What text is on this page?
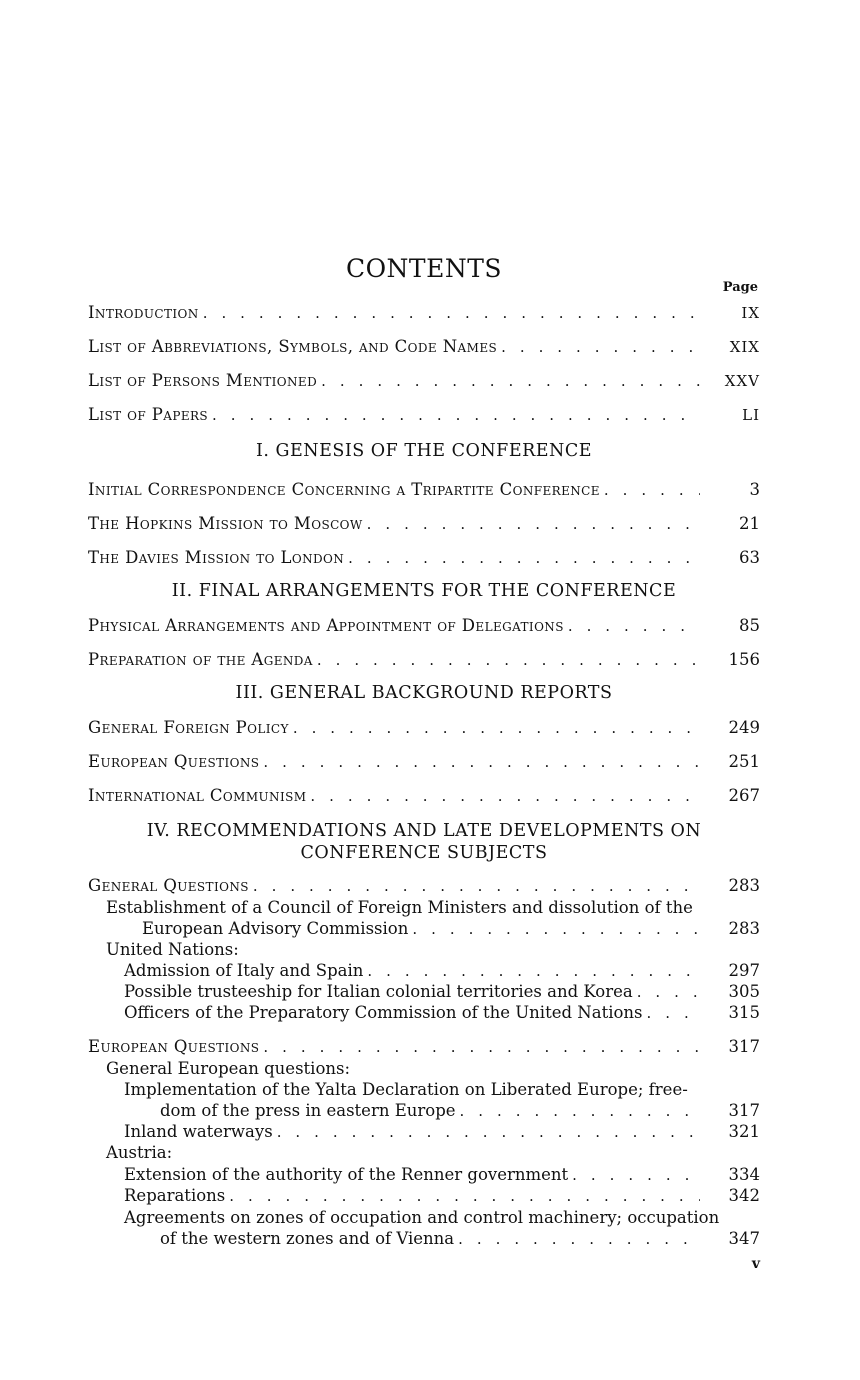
CONTENTS
Page
Introduction . . .	IX
List of Abbreviations, Symbols, and Code Names . . .	XIX
List of Persons Mentioned . . .	XXV
List of Papers . . .	LI
I. GENESIS OF THE CONFERENCE
Initial Correspondence Concerning a Tripartite Conference . . .	3
The Hopkins Mission to Moscow . . .	21
The Davies Mission to London . . .	63
II. FINAL ARRANGEMENTS FOR THE CONFERENCE
Physical Arrangements and Appointment of Delegations . . .	85
Preparation of the Agenda . . .	156
III. GENERAL BACKGROUND REPORTS
General Foreign Policy . . .	249
European Questions . . .	251
International Communism . . .	267
IV. RECOMMENDATIONS AND LATE DEVELOPMENTS ON
CONFERENCE SUBJECTS
General Questions . . .	283
Establishment of a Council of Foreign Ministers and dissolution of the
European Advisory Commission . . .	283
United Nations:
Admission of Italy and Spain . . .	297
Possible trusteeship for Italian colonial territories and Korea . . .	305
Officers of the Preparatory Commission of the United Nations . . .	315
European Questions . . .	317
General European questions:
Implementation of the Yalta Declaration on Liberated Europe; free-
dom of the press in eastern Europe . . .	317
Inland waterways . . .	321
Austria:
Extension of the authority of the Renner government . . .	334
Reparations . . .	342
Agreements on zones of occupation and control machinery; occupation
of the western zones and of Vienna . . .	347
v
